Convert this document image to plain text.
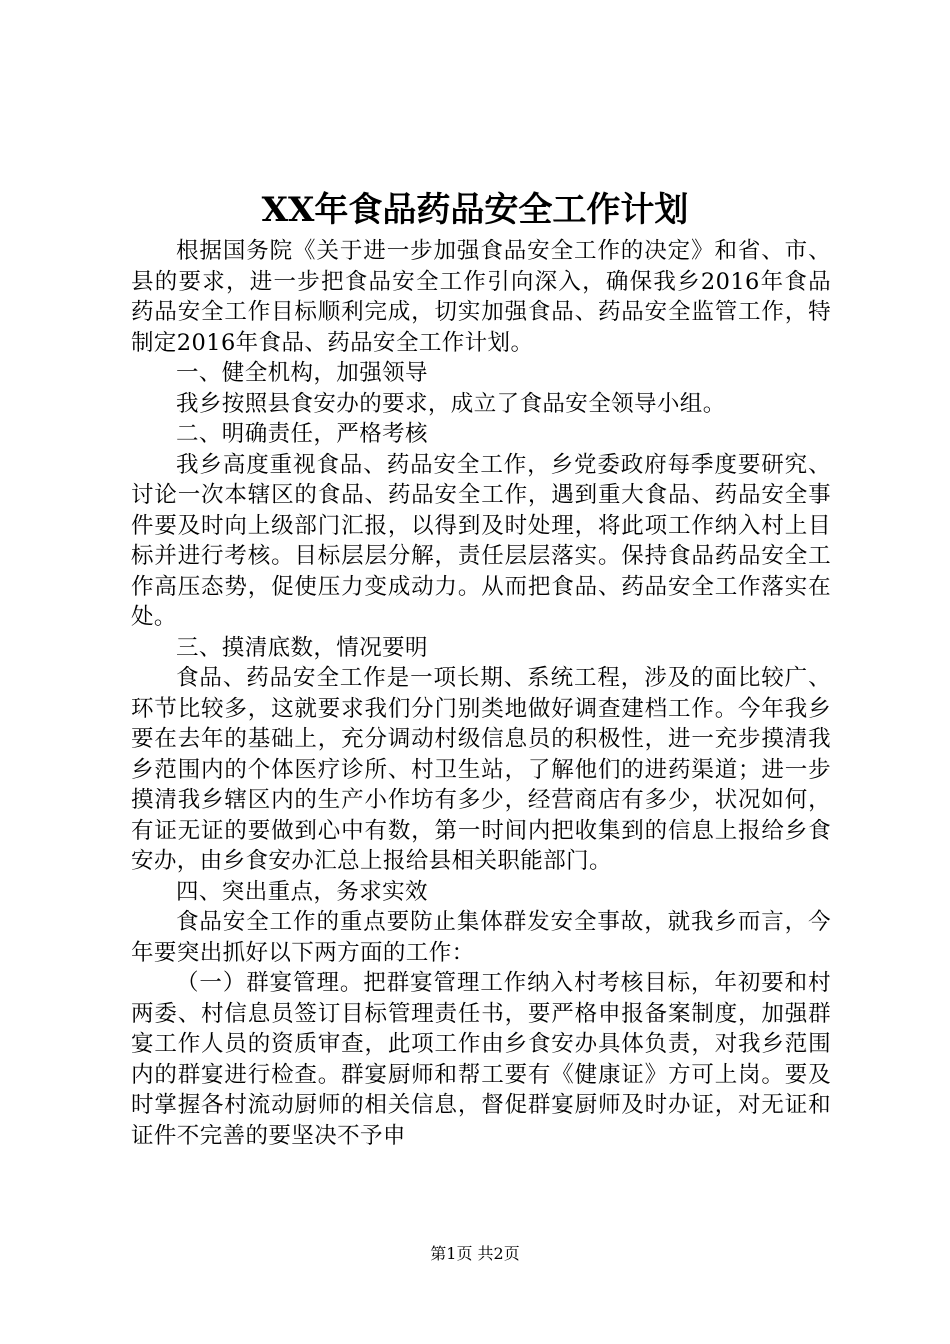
XX年食品药品安全工作计划

根据国务院《关于进一步加强食品安全工作的决定》和省、市、县的要求，进一步把食品安全工作引向深入，确保我乡2016年食品药品安全工作目标顺利完成，切实加强食品、药品安全监管工作，特制定2016年食品、药品安全工作计划。

一、健全机构，加强领导

我乡按照县食安办的要求，成立了食品安全领导小组。

二、明确责任，严格考核

我乡高度重视食品、药品安全工作，乡党委政府每季度要研究、讨论一次本辖区的食品、药品安全工作，遇到重大食品、药品安全事件要及时向上级部门汇报，以得到及时处理，将此项工作纳入村上目标并进行考核。目标层层分解，责任层层落实。保持食品药品安全工作高压态势，促使压力变成动力。从而把食品、药品安全工作落实在处。

三、摸清底数，情况要明

食品、药品安全工作是一项长期、系统工程，涉及的面比较广、环节比较多，这就要求我们分门别类地做好调查建档工作。今年我乡要在去年的基础上，充分调动村级信息员的积极性，进一充步摸清我乡范围内的个体医疗诊所、村卫生站，了解他们的进药渠道；进一步摸清我乡辖区内的生产小作坊有多少，经营商店有多少，状况如何，有证无证的要做到心中有数，第一时间内把收集到的信息上报给乡食安办，由乡食安办汇总上报给县相关职能部门。

四、突出重点，务求实效

食品安全工作的重点要防止集体群发安全事故，就我乡而言，今年要突出抓好以下两方面的工作：

（一）群宴管理。把群宴管理工作纳入村考核目标，年初要和村两委、村信息员签订目标管理责任书，要严格申报备案制度，加强群宴工作人员的资质审查，此项工作由乡食安办具体负责，对我乡范围内的群宴进行检查。群宴厨师和帮工要有《健康证》方可上岗。要及时掌握各村流动厨师的相关信息，督促群宴厨师及时办证，对无证和证件不完善的要坚决不予申

第1页 共2页
